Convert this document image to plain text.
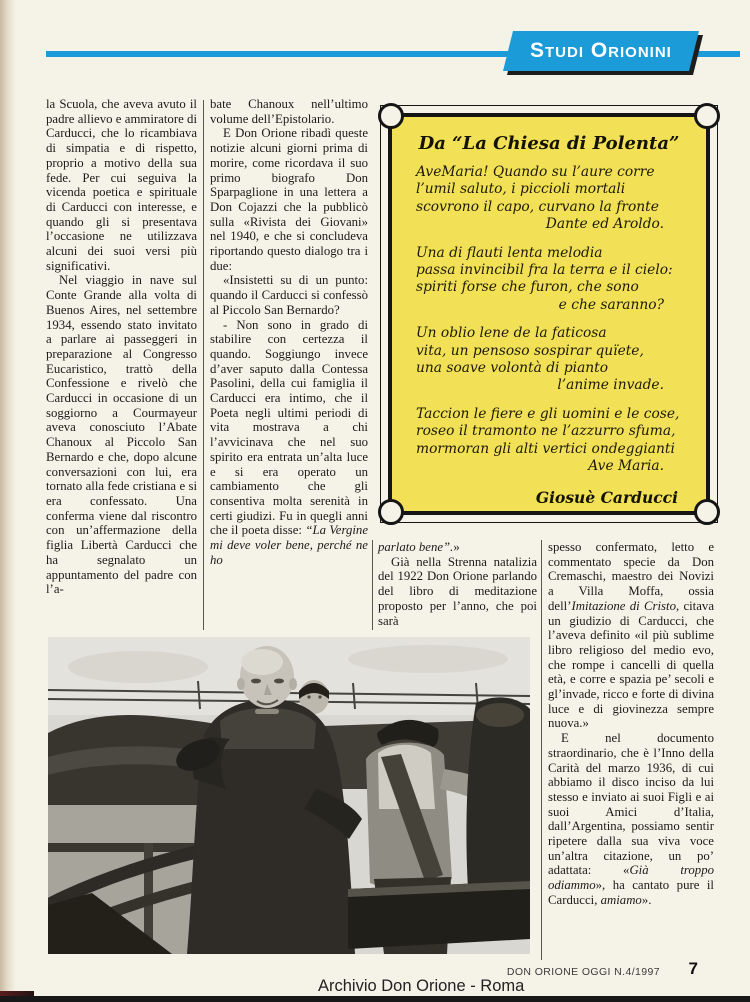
Studi Orionini

la Scuola, che aveva avuto il padre allievo e ammiratore di Carducci, che lo ricambiava di simpatia e di rispetto, proprio a motivo della sua fede. Per cui seguiva la vicenda poetica e spirituale di Carducci con interesse, e quando gli si presentava l’occasione ne utilizzava alcuni dei suoi versi più significativi.

Nel viaggio in nave sul Conte Grande alla volta di Buenos Aires, nel settembre 1934, essendo stato invitato a parlare ai passeggeri in preparazione al Congresso Eucaristico, trattò della Confessione e rivelò che Carducci in occasione di un soggiorno a Courmayeur aveva conosciuto l’Abate Chanoux al Piccolo San Bernardo e che, dopo alcune conversazioni con lui, era tornato alla fede cristiana e si era confessato. Una conferma viene dal riscontro con un’affermazione della figlia Libertà Carducci che ha segnalato un appuntamento del padre con l’a-

bate Chanoux nell’ultimo volume dell’Epistolario.

E Don Orione ribadì queste notizie alcuni giorni prima di morire, come ricordava il suo primo biografo Don Sparpaglione in una lettera a Don Cojazzi che la pubblicò sulla «Rivista dei Giovani» nel 1940, e che si concludeva riportando questo dialogo tra i due:

«Insistetti su di un punto: quando il Carducci si confessò al Piccolo San Bernardo?

- Non sono in grado di stabilire con certezza il quando. Soggiungo invece d’aver saputo dalla Contessa Pasolini, della cui famiglia il Carducci era intimo, che il Poeta negli ultimi periodi di vita mostrava a chi l’avvicinava che nel suo spirito era entrata un’alta luce e si era operato un cambiamento che gli consentiva molta serenità in certi giudizi. Fu in quegli anni che il poeta disse: “La Vergine mi deve voler bene, perché ne ho

parlato bene”.»

Già nella Strenna natalizia del 1922 Don Orione parlando del libro di meditazione proposto per l’anno, che poi sarà

spesso confermato, letto e commentato specie da Don Cremaschi, maestro dei Novizi a Villa Moffa, ossia dell’Imitazione di Cristo, citava un giudizio di Carducci, che l’aveva definito «il più sublime libro religioso del medio evo, che rompe i cancelli di quella età, e corre e spazia pe’ secoli e gl’invade, ricco e forte di divina luce e di giovinezza sempre nuova.»

E nel documento straordinario, che è l’Inno della Carità del marzo 1936, di cui abbiamo il disco inciso da lui stesso e inviato ai suoi Figli e ai suoi Amici d’Italia, dall’Argentina, possiamo sentir ripetere dalla sua viva voce un’altra citazione, un po’ adattata: «Già troppo odiammo», ha cantato pure il Carducci, amiamo».

Da “La Chiesa di Polenta”
AveMaria! Quando su l’aure corre
l’umil saluto, i piccioli mortali
scovrono il capo, curvano la fronte
Dante ed Aroldo.
Una di flauti lenta melodia
passa invincibil fra la terra e il cielo:
spiriti forse che furon, che sono
e che saranno?
Un oblio lene de la faticosa
vita, un pensoso sospirar quïete,
una soave volontà di pianto
l’anime invade.
Taccion le fiere e gli uomini e le cose,
roseo il tramonto ne l’azzurro sfuma,
mormoran gli alti vertici ondeggianti
Ave Maria.
Giosuè Carducci
DON ORIONE OGGI N.4/1997 7
Archivio Don Orione - Roma
